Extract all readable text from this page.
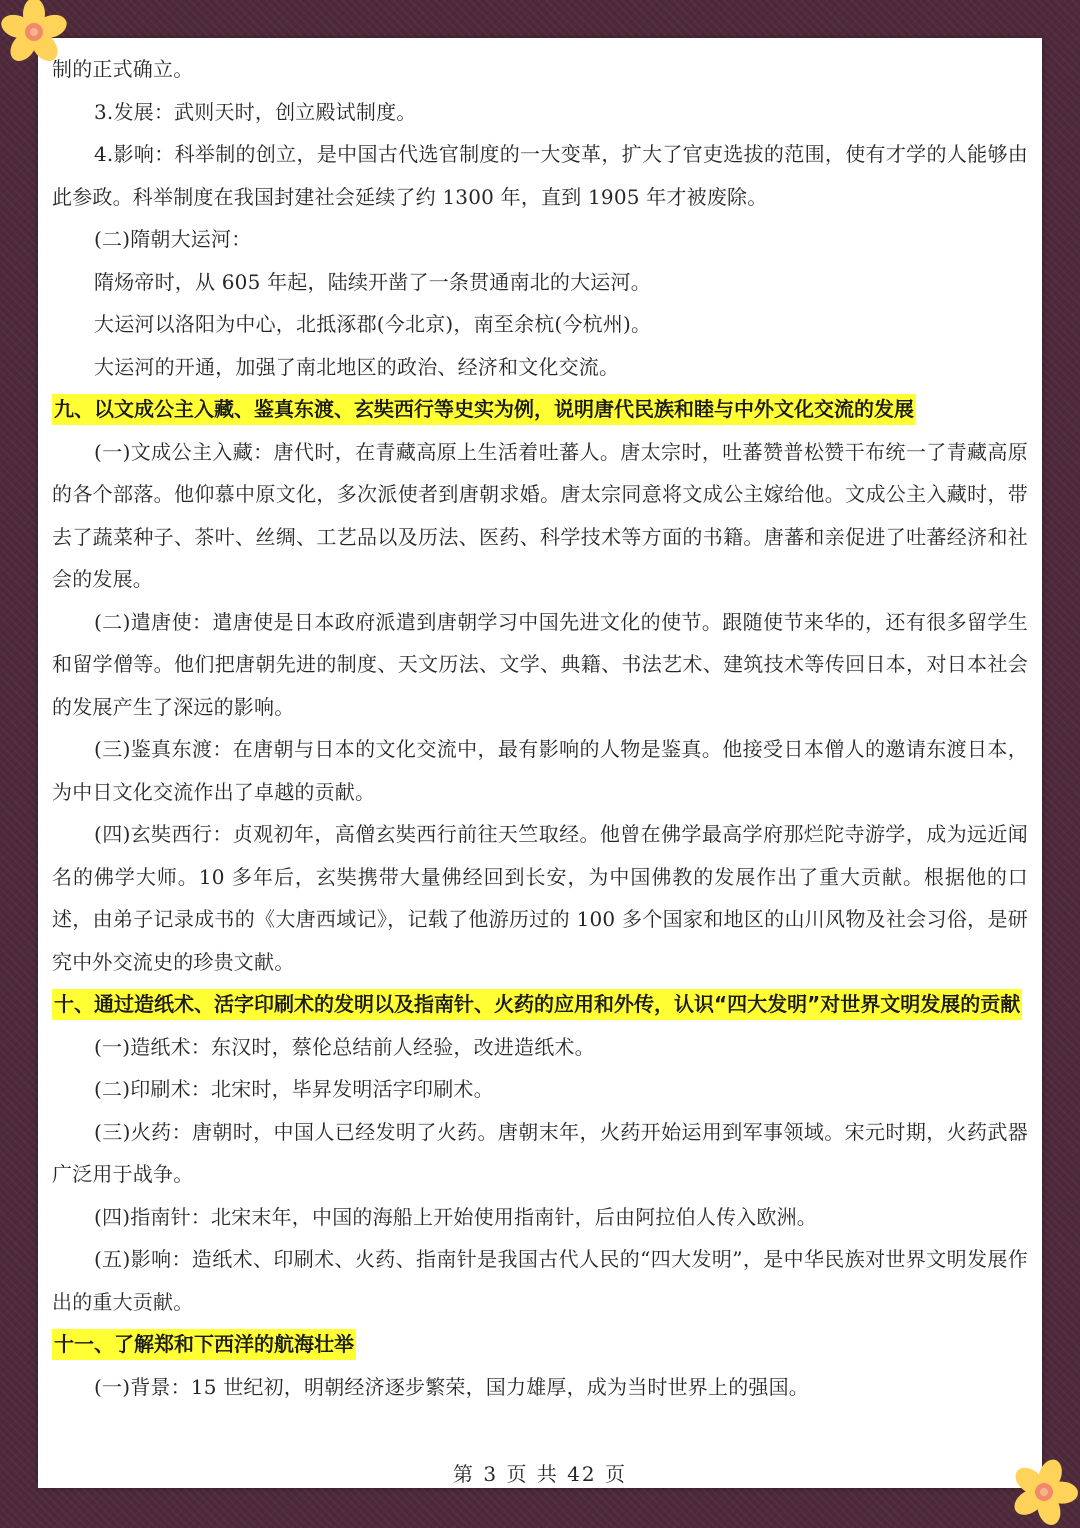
制的正式确立。

3.发展：武则天时，创立殿试制度。

4.影响：科举制的创立，是中国古代选官制度的一大变革，扩大了官吏选拔的范围，使有才学的人能够由此参政。科举制度在我国封建社会延续了约 1300 年，直到 1905 年才被废除。

(二)隋朝大运河：

隋炀帝时，从 605 年起，陆续开凿了一条贯通南北的大运河。

大运河以洛阳为中心，北抵涿郡(今北京)，南至余杭(今杭州)。

大运河的开通，加强了南北地区的政治、经济和文化交流。

九、以文成公主入藏、鉴真东渡、玄奘西行等史实为例，说明唐代民族和睦与中外文化交流的发展

(一)文成公主入藏：唐代时，在青藏高原上生活着吐蕃人。唐太宗时，吐蕃赞普松赞干布统一了青藏高原的各个部落。他仰慕中原文化，多次派使者到唐朝求婚。唐太宗同意将文成公主嫁给他。文成公主入藏时，带去了蔬菜种子、茶叶、丝绸、工艺品以及历法、医药、科学技术等方面的书籍。唐蕃和亲促进了吐蕃经济和社会的发展。

(二)遣唐使：遣唐使是日本政府派遣到唐朝学习中国先进文化的使节。跟随使节来华的，还有很多留学生和留学僧等。他们把唐朝先进的制度、天文历法、文学、典籍、书法艺术、建筑技术等传回日本，对日本社会的发展产生了深远的影响。

(三)鉴真东渡：在唐朝与日本的文化交流中，最有影响的人物是鉴真。他接受日本僧人的邀请东渡日本，为中日文化交流作出了卓越的贡献。

(四)玄奘西行：贞观初年，高僧玄奘西行前往天竺取经。他曾在佛学最高学府那烂陀寺游学，成为远近闻名的佛学大师。10 多年后，玄奘携带大量佛经回到长安，为中国佛教的发展作出了重大贡献。根据他的口述，由弟子记录成书的《大唐西域记》，记载了他游历过的 100 多个国家和地区的山川风物及社会习俗，是研究中外交流史的珍贵文献。

十、通过造纸术、活字印刷术的发明以及指南针、火药的应用和外传，认识“四大发明”对世界文明发展的贡献

(一)造纸术：东汉时，蔡伦总结前人经验，改进造纸术。

(二)印刷术：北宋时，毕昇发明活字印刷术。

(三)火药：唐朝时，中国人已经发明了火药。唐朝末年，火药开始运用到军事领域。宋元时期，火药武器广泛用于战争。

(四)指南针：北宋末年，中国的海船上开始使用指南针，后由阿拉伯人传入欧洲。

(五)影响：造纸术、印刷术、火药、指南针是我国古代人民的“四大发明”，是中华民族对世界文明发展作出的重大贡献。

十一、了解郑和下西洋的航海壮举

(一)背景：15 世纪初，明朝经济逐步繁荣，国力雄厚，成为当时世界上的强国。

第 3 页 共 42 页
